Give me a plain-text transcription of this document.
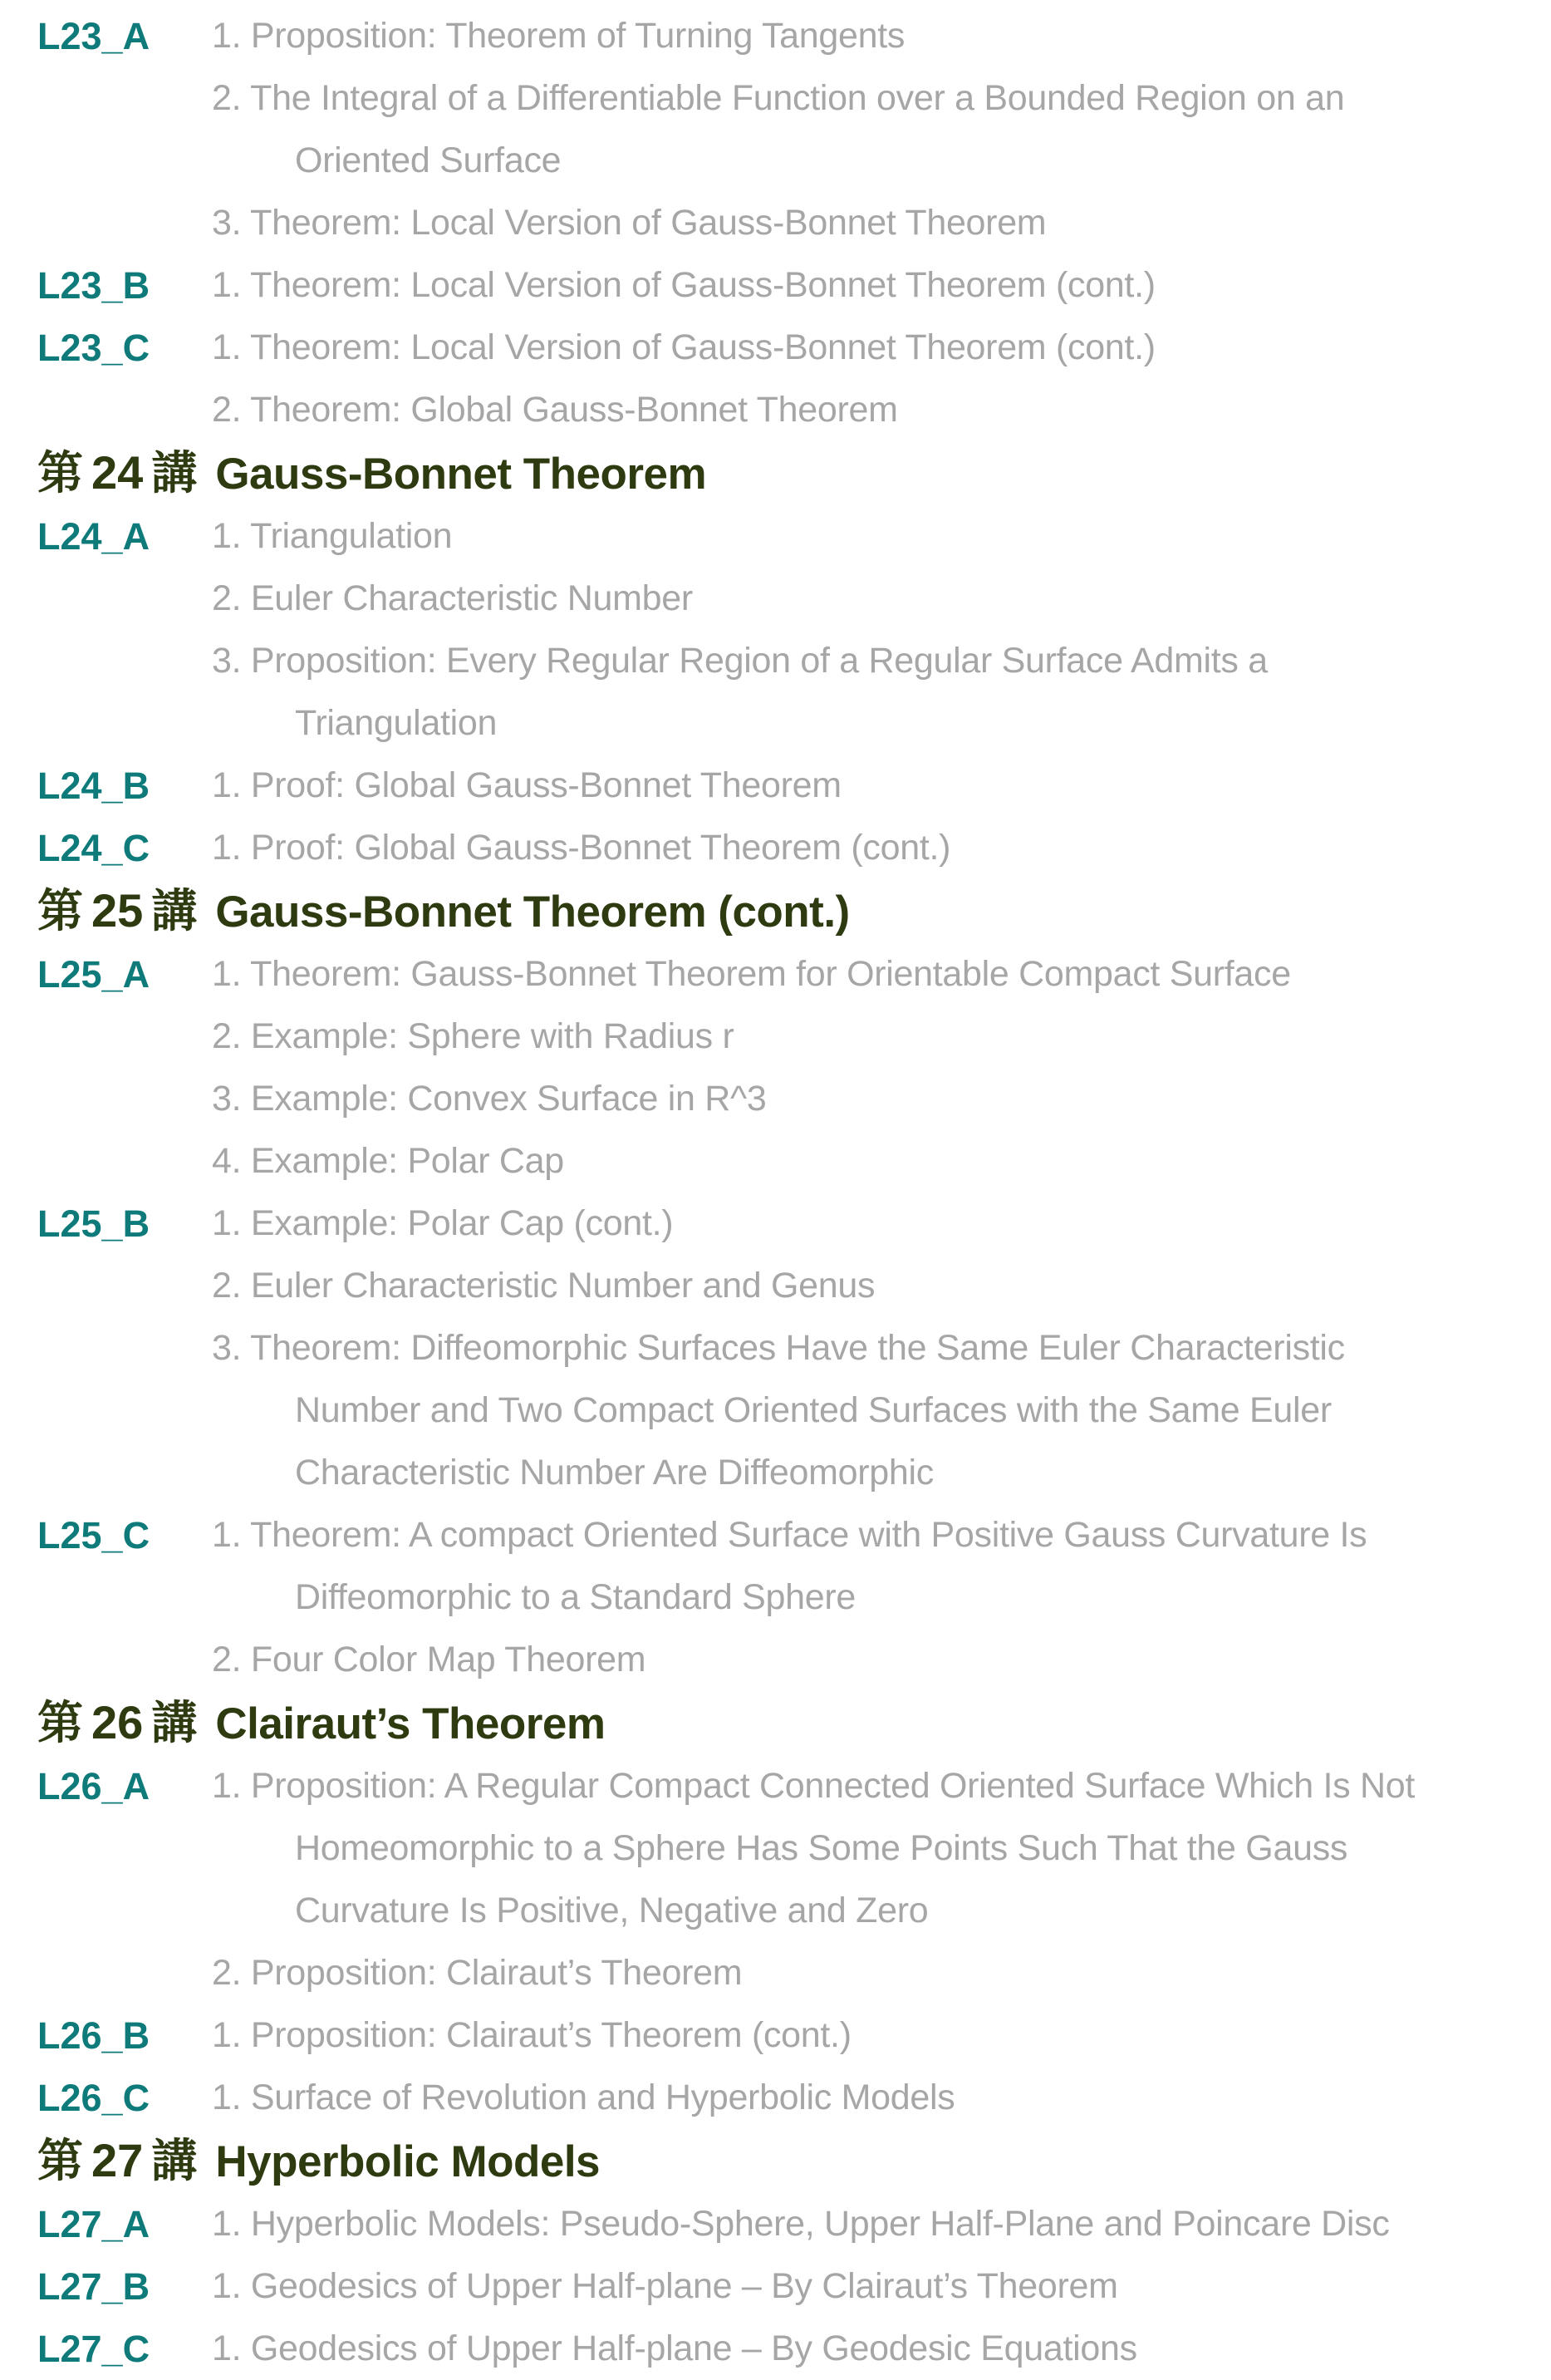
L23_A	1. Proposition: Theorem of Turning Tangents
2. The Integral of a Differentiable Function over a Bounded Region on an
Oriented Surface
3. Theorem: Local Version of Gauss-Bonnet Theorem
L23_B	1. Theorem: Local Version of Gauss-Bonnet Theorem (cont.)
L23_C	1. Theorem: Local Version of Gauss-Bonnet Theorem (cont.)
2. Theorem: Global Gauss-Bonnet Theorem
第 24 講 Gauss-Bonnet Theorem
L24_A	1. Triangulation
2. Euler Characteristic Number
3. Proposition: Every Regular Region of a Regular Surface Admits a
Triangulation
L24_B	1. Proof: Global Gauss-Bonnet Theorem
L24_C	1. Proof: Global Gauss-Bonnet Theorem (cont.)
第 25 講 Gauss-Bonnet Theorem (cont.)
L25_A	1. Theorem: Gauss-Bonnet Theorem for Orientable Compact Surface
2. Example: Sphere with Radius r
3. Example: Convex Surface in R^3
4. Example: Polar Cap
L25_B	1. Example: Polar Cap (cont.)
2. Euler Characteristic Number and Genus
3. Theorem: Diffeomorphic Surfaces Have the Same Euler Characteristic
Number and Two Compact Oriented Surfaces with the Same Euler
Characteristic Number Are Diffeomorphic
L25_C	1. Theorem: A compact Oriented Surface with Positive Gauss Curvature Is
Diffeomorphic to a Standard Sphere
2. Four Color Map Theorem
第 26 講 Clairaut’s Theorem
L26_A	1. Proposition: A Regular Compact Connected Oriented Surface Which Is Not
Homeomorphic to a Sphere Has Some Points Such That the Gauss
Curvature Is Positive, Negative and Zero
2. Proposition: Clairaut’s Theorem
L26_B	1. Proposition: Clairaut’s Theorem (cont.)
L26_C	1. Surface of Revolution and Hyperbolic Models
第 27 講 Hyperbolic Models
L27_A	1. Hyperbolic Models: Pseudo-Sphere, Upper Half-Plane and Poincare Disc
L27_B	1. Geodesics of Upper Half-plane – By Clairaut’s Theorem
L27_C	1. Geodesics of Upper Half-plane – By Geodesic Equations
